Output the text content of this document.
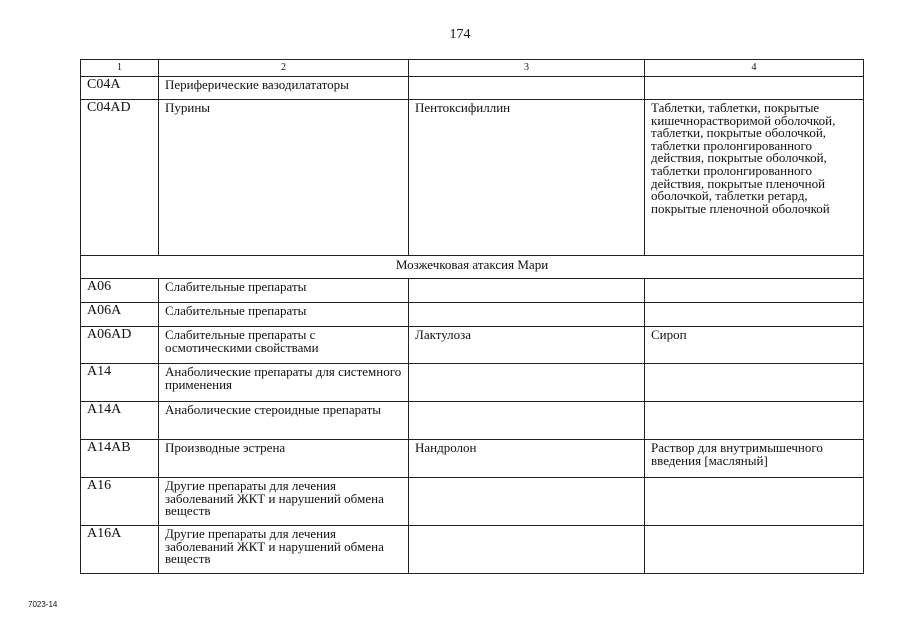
174
1	2	3	4
C04A	Периферические вазодилататоры		
C04AD	Пурины	Пентоксифиллин	Таблетки, таблетки, покрытые кишечнорастворимой оболочкой, таблетки, покрытые оболочкой, таблетки пролонгированного действия, покрытые оболочкой, таблетки пролонгированного действия, покрытые пленочной оболочкой, таблетки ретард, покрытые пленочной оболочкой
Мозжечковая атаксия Мари			
A06	Слабительные препараты		
A06A	Слабительные препараты		
A06AD	Слабительные препараты с осмотическими свойствами	Лактулоза	Сироп
A14	Анаболические препараты для системного применения		
A14A	Анаболические стероидные препараты		
A14AB	Производные эстрена	Нандролон	Раствор для внутримышечного введения [масляный]
A16	Другие препараты для лечения заболеваний ЖКТ и нарушений обмена веществ		
A16A	Другие препараты для лечения заболеваний ЖКТ и нарушений обмена веществ		
7023-14
